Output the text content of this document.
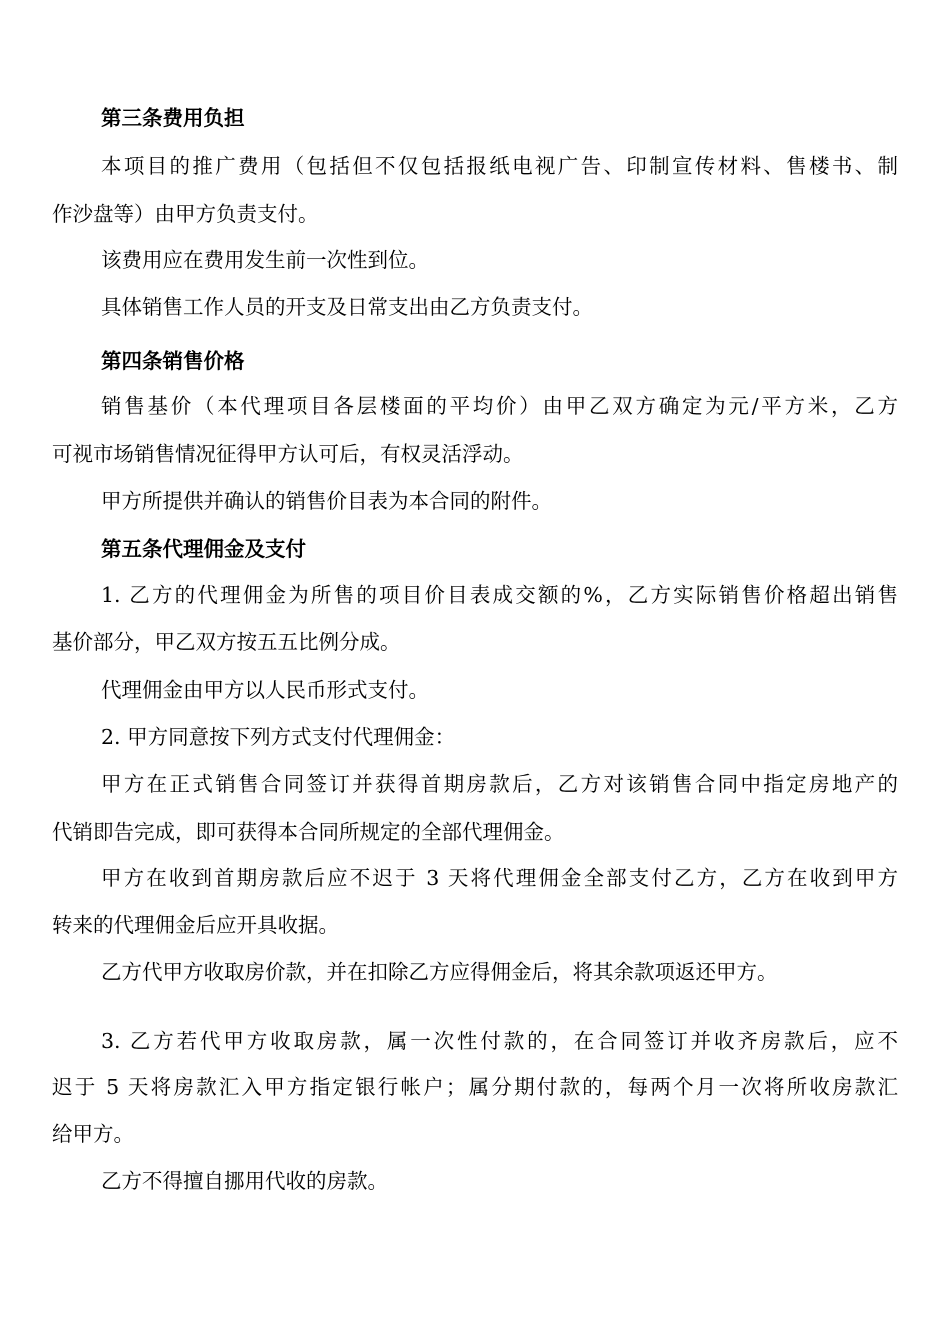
第三条费用负担

本项目的推广费用（包括但不仅包括报纸电视广告、印制宣传材料、售楼书、制

作沙盘等）由甲方负责支付。

该费用应在费用发生前一次性到位。

具体销售工作人员的开支及日常支出由乙方负责支付。

第四条销售价格

销售基价（本代理项目各层楼面的平均价）由甲乙双方确定为元/平方米，乙方

可视市场销售情况征得甲方认可后，有权灵活浮动。

甲方所提供并确认的销售价目表为本合同的附件。

第五条代理佣金及支付

1. 乙方的代理佣金为所售的项目价目表成交额的%，乙方实际销售价格超出销售

基价部分，甲乙双方按五五比例分成。

代理佣金由甲方以人民币形式支付。

2. 甲方同意按下列方式支付代理佣金：

甲方在正式销售合同签订并获得首期房款后，乙方对该销售合同中指定房地产的

代销即告完成，即可获得本合同所规定的全部代理佣金。

甲方在收到首期房款后应不迟于 3 天将代理佣金全部支付乙方，乙方在收到甲方

转来的代理佣金后应开具收据。

乙方代甲方收取房价款，并在扣除乙方应得佣金后，将其余款项返还甲方。

3. 乙方若代甲方收取房款，属一次性付款的，在合同签订并收齐房款后，应不

迟于 5 天将房款汇入甲方指定银行帐户；属分期付款的，每两个月一次将所收房款汇

给甲方。

乙方不得擅自挪用代收的房款。
